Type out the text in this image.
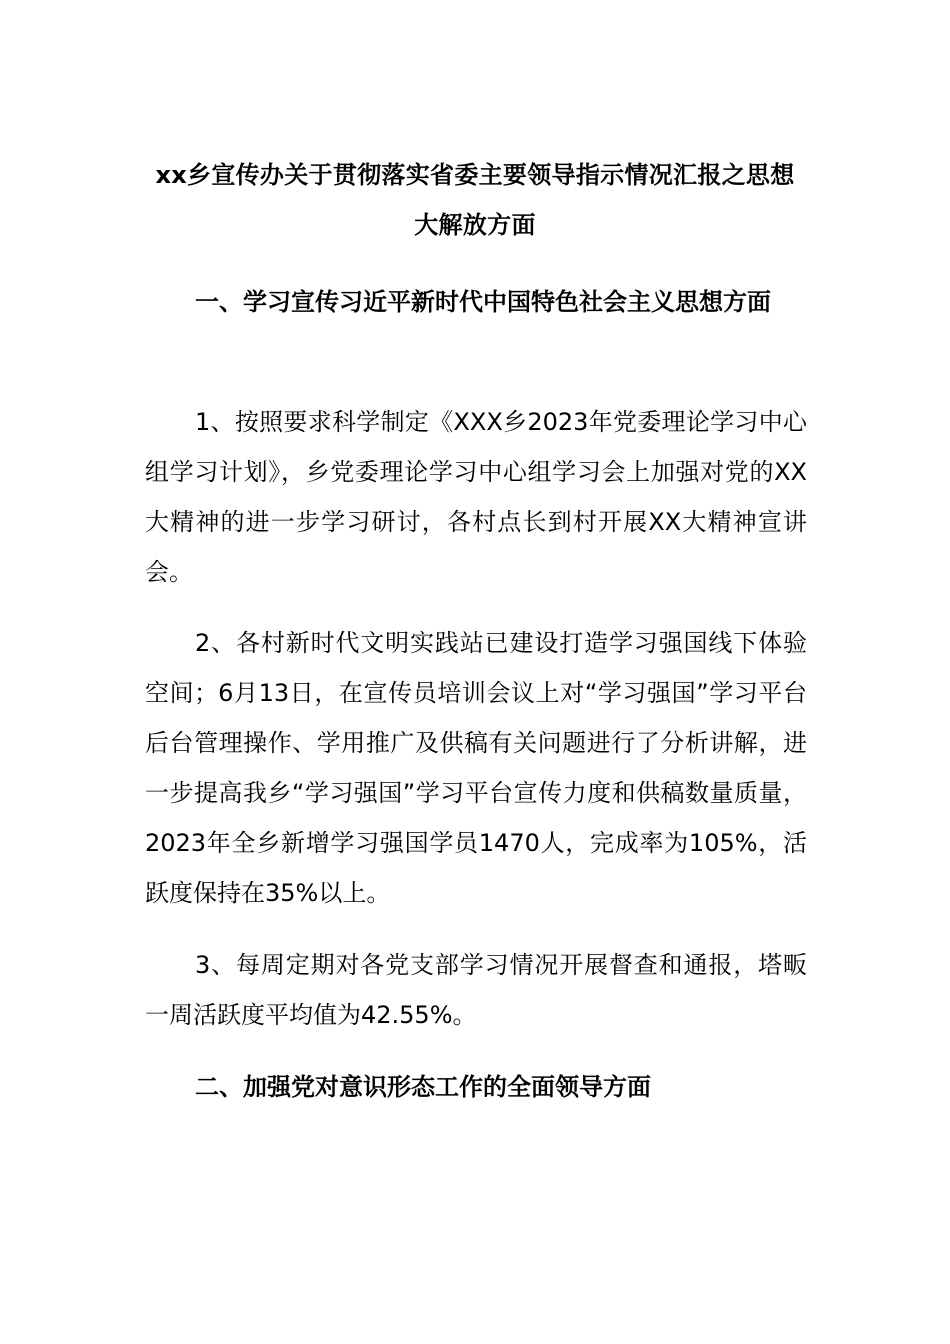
xx乡宣传办关于贯彻落实省委主要领导指示情况汇报之思想大解放方面
一、学习宣传习近平新时代中国特色社会主义思想方面

1、按照要求科学制定《XXX乡2023年党委理论学习中心组学习计划》，乡党委理论学习中心组学习会上加强对党的XX大精神的进一步学习研讨，各村点长到村开展XX大精神宣讲会。

2、各村新时代文明实践站已建设打造学习强国线下体验空间；6月13日，在宣传员培训会议上对“学习强国”学习平台后台管理操作、学用推广及供稿有关问题进行了分析讲解，进一步提高我乡“学习强国”学习平台宣传力度和供稿数量质量，2023年全乡新增学习强国学员1470人，完成率为105%，活跃度保持在35%以上。

3、每周定期对各党支部学习情况开展督查和通报，塔畈一周活跃度平均值为42.55%。

二、加强党对意识形态工作的全面领导方面
